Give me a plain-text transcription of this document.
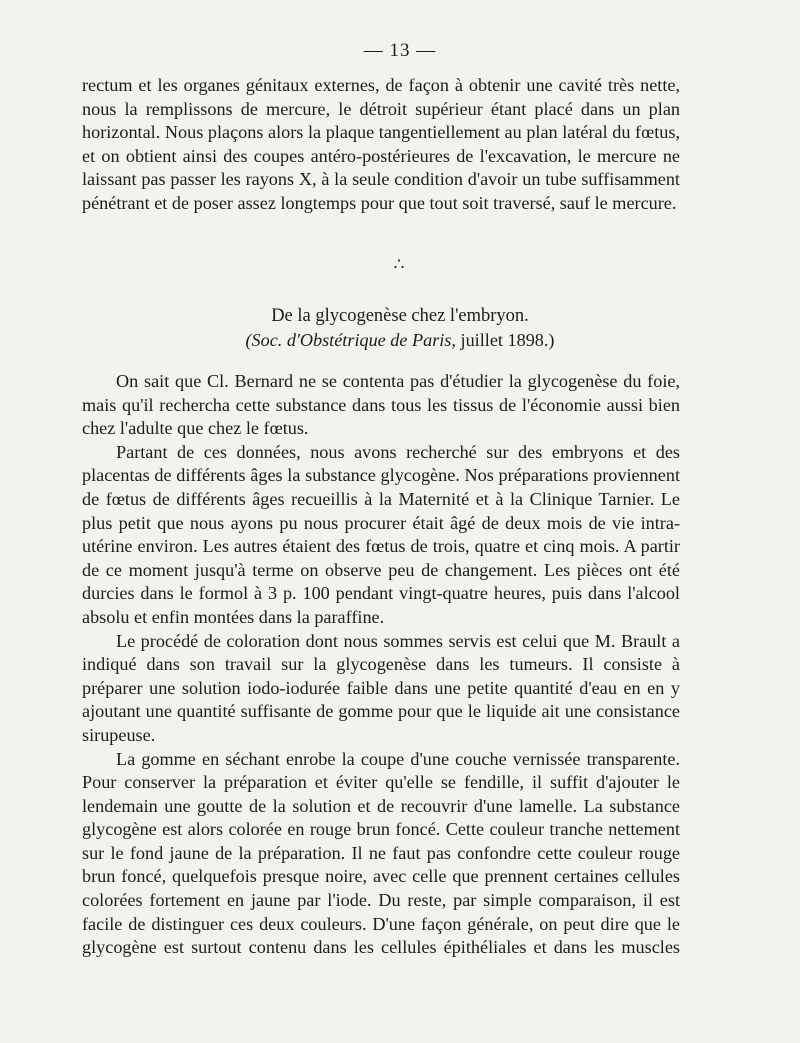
— 13 —

rectum et les organes génitaux externes, de façon à obtenir une cavité très nette, nous la remplissons de mercure, le détroit supérieur étant placé dans un plan horizontal. Nous plaçons alors la plaque tangentiellement au plan latéral du fœtus, et on obtient ainsi des coupes antéro-postérieures de l'excavation, le mercure ne laissant pas passer les rayons X, à la seule condition d'avoir un tube suffisamment pénétrant et de poser assez longtemps pour que tout soit traversé, sauf le mercure.

∴
De la glycogenèse chez l'embryon.
(Soc. d'Obstétrique de Paris, juillet 1898.)

On sait que Cl. Bernard ne se contenta pas d'étudier la glycogenèse du foie, mais qu'il rechercha cette substance dans tous les tissus de l'économie aussi bien chez l'adulte que chez le fœtus.

Partant de ces données, nous avons recherché sur des embryons et des placentas de différents âges la substance glycogène. Nos préparations proviennent de fœtus de différents âges recueillis à la Maternité et à la Clinique Tarnier. Le plus petit que nous ayons pu nous procurer était âgé de deux mois de vie intra-utérine environ. Les autres étaient des fœtus de trois, quatre et cinq mois. A partir de ce moment jusqu'à terme on observe peu de changement. Les pièces ont été durcies dans le formol à 3 p. 100 pendant vingt-quatre heures, puis dans l'alcool absolu et enfin montées dans la paraffine.

Le procédé de coloration dont nous sommes servis est celui que M. Brault a indiqué dans son travail sur la glycogenèse dans les tumeurs. Il consiste à préparer une solution iodo-iodurée faible dans une petite quantité d'eau en en y ajoutant une quantité suffisante de gomme pour que le liquide ait une consistance sirupeuse.

La gomme en séchant enrobe la coupe d'une couche vernissée transparente. Pour conserver la préparation et éviter qu'elle se fendille, il suffit d'ajouter le lendemain une goutte de la solution et de recouvrir d'une lamelle. La substance glycogène est alors colorée en rouge brun foncé. Cette couleur tranche nettement sur le fond jaune de la préparation. Il ne faut pas confondre cette couleur rouge brun foncé, quelquefois presque noire, avec celle que prennent certaines cellules colorées fortement en jaune par l'iode. Du reste, par simple comparaison, il est facile de distinguer ces deux couleurs. D'une façon générale, on peut dire que le glycogène est surtout contenu dans les cellules épithéliales et dans les muscles
